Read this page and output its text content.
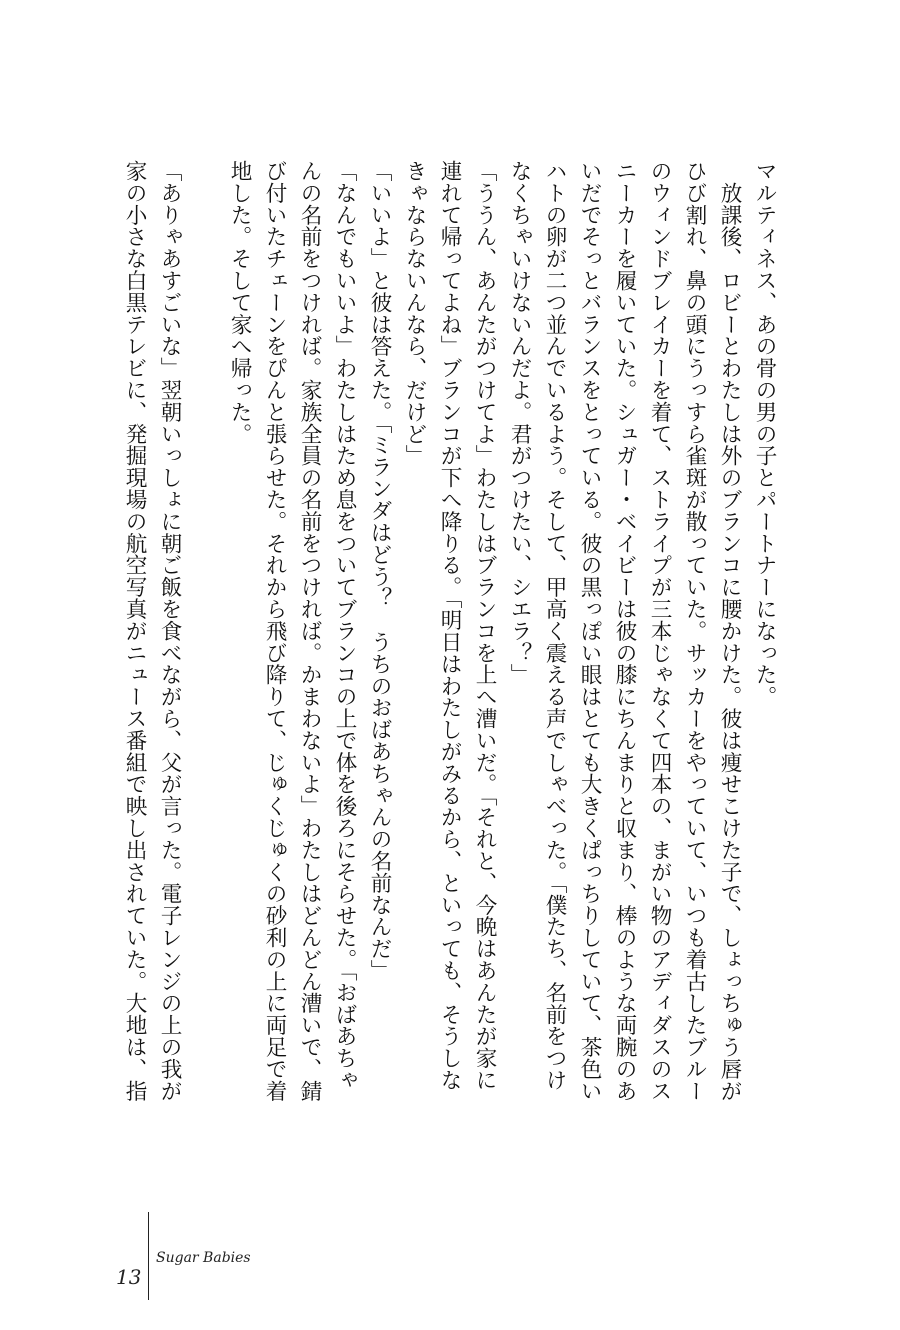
マルティネス、あの骨の男の子とパートナーになった。
　放課後、ロビーとわたしは外のブランコに腰かけた。彼は痩せこけた子で、しょっちゅう唇が
ひび割れ、鼻の頭にうっすら雀斑が散っていた。サッカーをやっていて、いつも着古したブルー
のウィンドブレイカーを着て、ストライプが三本じゃなくて四本の、まがい物のアディダスのス
ニーカーを履いていた。シュガー・ベイビーは彼の膝にちんまりと収まり、棒のような両腕のあ
いだでそっとバランスをとっている。彼の黒っぽい眼はとても大きくぱっちりしていて、茶色い
ハトの卵が二つ並んでいるよう。そして、甲高く震える声でしゃべった。「僕たち、名前をつけ
なくちゃいけないんだよ。君がつけたい、シエラ？」
「ううん、あんたがつけてよ」わたしはブランコを上へ漕いだ。「それと、今晩はあんたが家に
連れて帰ってよね」ブランコが下へ降りる。「明日はわたしがみるから、といっても、そうしな
きゃならないんなら、だけど」
「いいよ」と彼は答えた。「ミランダはどう？　うちのおばあちゃんの名前なんだ」
「なんでもいいよ」わたしはため息をついてブランコの上で体を後ろにそらせた。「おばあちゃ
んの名前をつければ。家族全員の名前をつければ。かまわないよ」わたしはどんどん漕いで、錆
び付いたチェーンをぴんと張らせた。それから飛び降りて、じゅくじゅくの砂利の上に両足で着
地した。そして家へ帰った。
「ありゃあすごいな」翌朝いっしょに朝ご飯を食べながら、父が言った。電子レンジの上の我が
家の小さな白黒テレビに、発掘現場の航空写真がニュース番組で映し出されていた。大地は、指
13
Sugar Babies
